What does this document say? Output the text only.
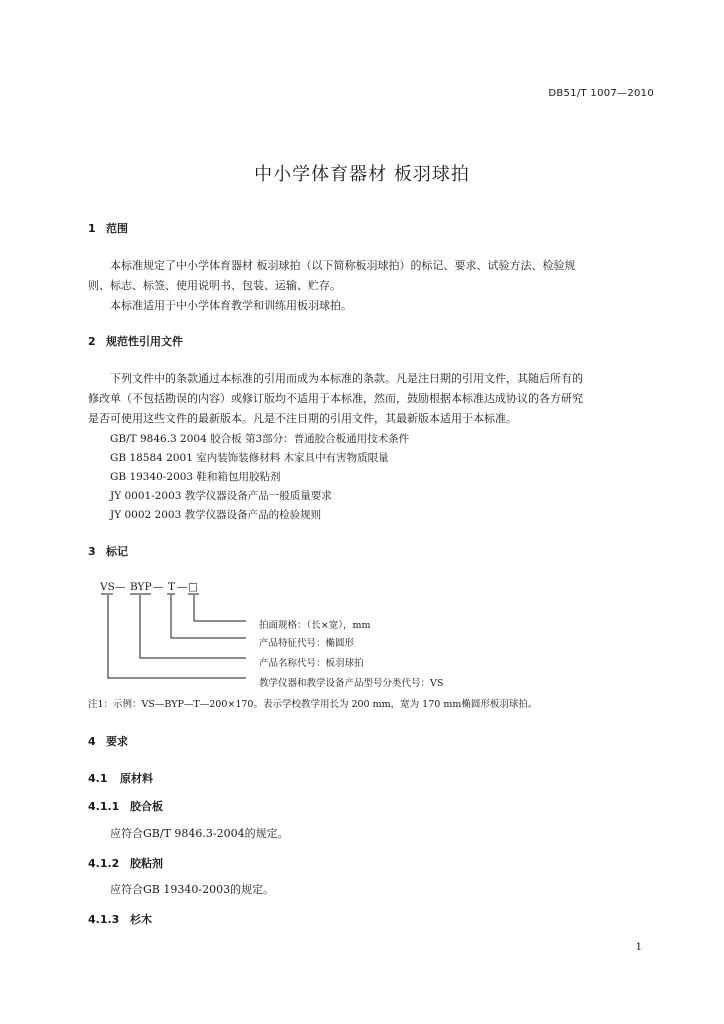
DB51/T 1007—2010
中小学体育器材 板羽球拍
1 范围
本标准规定了中小学体育器材 板羽球拍（以下简称板羽球拍）的标记、要求、试验方法、检验规
则、标志、标签、使用说明书、包装、运输、贮存。
本标准适用于中小学体育教学和训练用板羽球拍。
2 规范性引用文件
下列文件中的条款通过本标准的引用而成为本标准的条款。凡是注日期的引用文件，其随后所有的
修改单（不包括勘误的内容）或修订版均不适用于本标准，然而，鼓励根据本标准达成协议的各方研究
是否可使用这些文件的最新版本。凡是不注日期的引用文件，其最新版本适用于本标准。
GB/T 9846.3 2004 胶合板 第3部分：普通胶合板通用技术条件
GB 18584 2001 室内装饰装修材料 木家具中有害物质限量
GB 19340-2003 鞋和箱包用胶粘剂
JY 0001-2003 教学仪器设备产品一般质量要求
JY 0002 2003 教学仪器设备产品的检验规则
3 标记
VS — BYP — T — □
拍面规格：（长×宽），mm
产品特征代号：椭圆形
产品名称代号：板羽球拍
教学仪器和教学设备产品型号分类代号：VS
注1：示例：VS—BYP—T—200×170。表示学校教学用长为 200 mm，宽为 170 mm椭圆形板羽球拍。
4 要求
4.1 原材料
4.1.1 胶合板
应符合GB/T 9846.3-2004的规定。
4.1.2 胶粘剂
应符合GB 19340-2003的规定。
4.1.3 杉木
1
